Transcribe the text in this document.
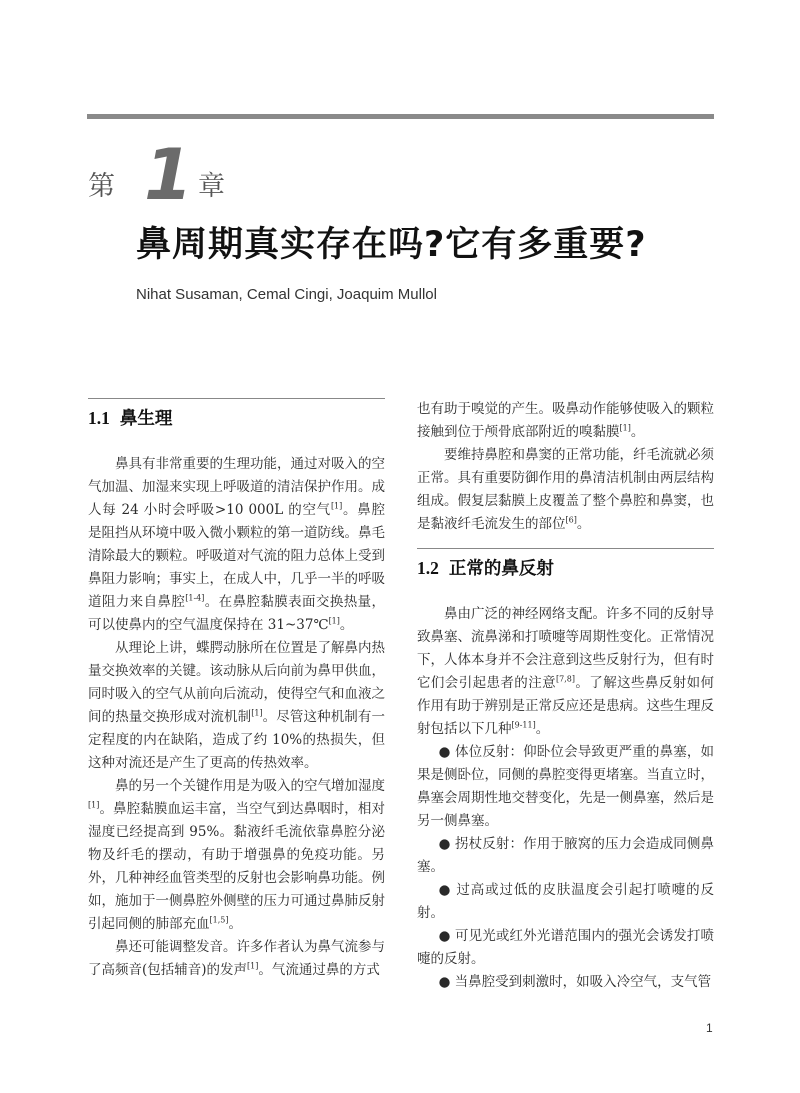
第 1 章
鼻周期真实存在吗?它有多重要?
Nihat Susaman, Cemal Cingi, Joaquim Mullol
1.1 鼻生理

鼻具有非常重要的生理功能，通过对吸入的空气加温、加湿来实现上呼吸道的清洁保护作用。成人每 24 小时会呼吸>10 000L 的空气[1]。鼻腔是阻挡从环境中吸入微小颗粒的第一道防线。鼻毛清除最大的颗粒。呼吸道对气流的阻力总体上受到鼻阻力影响；事实上，在成人中，几乎一半的呼吸道阻力来自鼻腔[1-4]。在鼻腔黏膜表面交换热量，可以使鼻内的空气温度保持在 31~37℃[1]。

从理论上讲，蝶腭动脉所在位置是了解鼻内热量交换效率的关键。该动脉从后向前为鼻甲供血，同时吸入的空气从前向后流动，使得空气和血液之间的热量交换形成对流机制[1]。尽管这种机制有一定程度的内在缺陷，造成了约 10%的热损失，但这种对流还是产生了更高的传热效率。

鼻的另一个关键作用是为吸入的空气增加湿度[1]。鼻腔黏膜血运丰富，当空气到达鼻咽时，相对湿度已经提高到 95%。黏液纤毛流依靠鼻腔分泌物及纤毛的摆动，有助于增强鼻的免疫功能。另外，几种神经血管类型的反射也会影响鼻功能。例如，施加于一侧鼻腔外侧壁的压力可通过鼻肺反射引起同侧的肺部充血[1,5]。

鼻还可能调整发音。许多作者认为鼻气流参与了高频音(包括辅音)的发声[1]。气流通过鼻的方式

也有助于嗅觉的产生。吸鼻动作能够使吸入的颗粒接触到位于颅骨底部附近的嗅黏膜[1]。

要维持鼻腔和鼻窦的正常功能，纤毛流就必须正常。具有重要防御作用的鼻清洁机制由两层结构组成。假复层黏膜上皮覆盖了整个鼻腔和鼻窦，也是黏液纤毛流发生的部位[6]。

1.2 正常的鼻反射

鼻由广泛的神经网络支配。许多不同的反射导致鼻塞、流鼻涕和打喷嚏等周期性变化。正常情况下，人体本身并不会注意到这些反射行为，但有时它们会引起患者的注意[7,8]。了解这些鼻反射如何作用有助于辨别是正常反应还是患病。这些生理反射包括以下几种[9-11]。

● 体位反射：仰卧位会导致更严重的鼻塞，如果是侧卧位，同侧的鼻腔变得更堵塞。当直立时，鼻塞会周期性地交替变化，先是一侧鼻塞，然后是另一侧鼻塞。

● 拐杖反射：作用于腋窝的压力会造成同侧鼻塞。

● 过高或过低的皮肤温度会引起打喷嚏的反射。

● 可见光或红外光谱范围内的强光会诱发打喷嚏的反射。

● 当鼻腔受到刺激时，如吸入冷空气，支气管

1
